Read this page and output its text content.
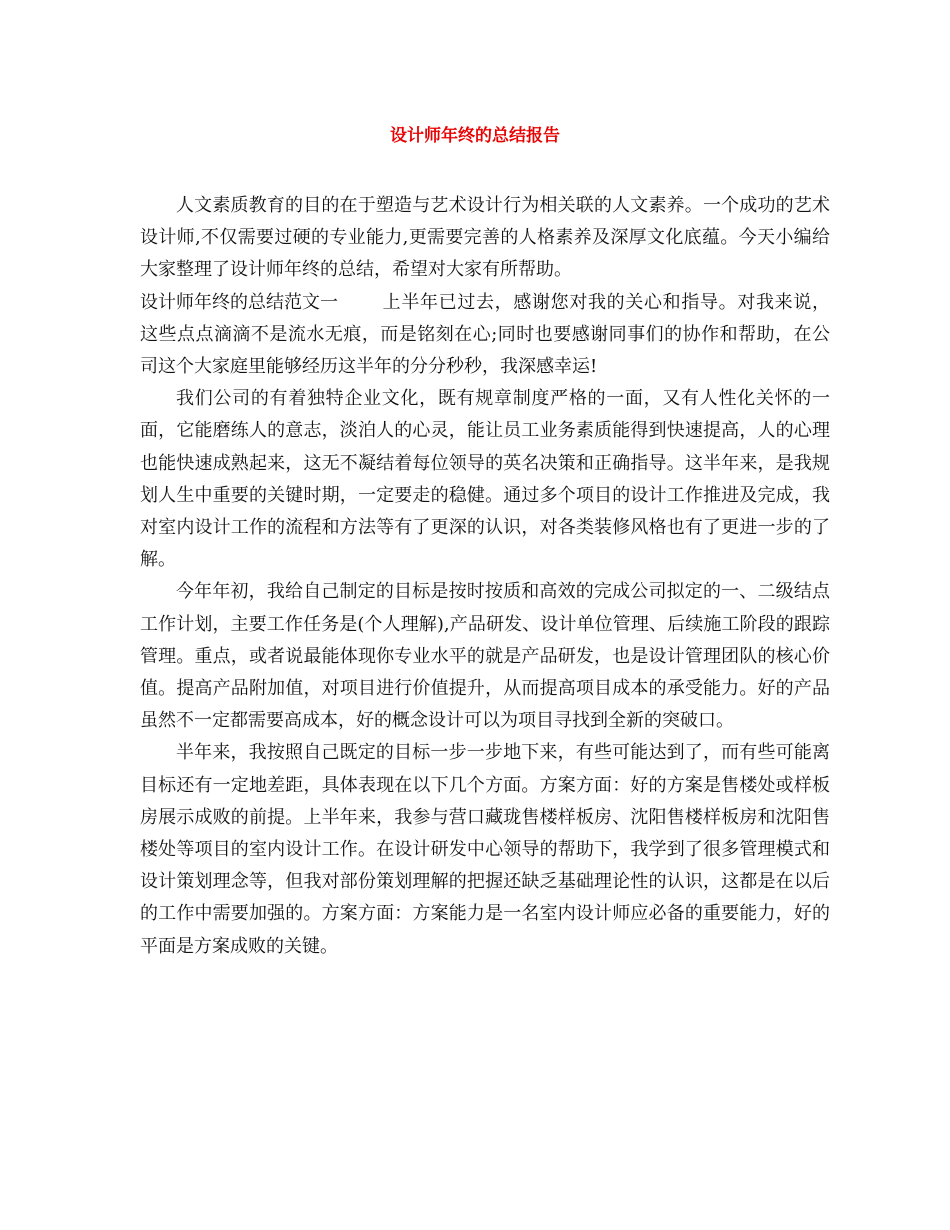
设计师年终的总结报告

人文素质教育的目的在于塑造与艺术设计行为相关联的人文素养。一个成功的艺术设计师,不仅需要过硬的专业能力,更需要完善的人格素养及深厚文化底蕴。今天小编给大家整理了设计师年终的总结，希望对大家有所帮助。

设计师年终的总结范文一 上半年已过去，感谢您对我的关心和指导。对我来说，这些点点滴滴不是流水无痕，而是铭刻在心;同时也要感谢同事们的协作和帮助，在公司这个大家庭里能够经历这半年的分分秒秒，我深感幸运!

我们公司的有着独特企业文化，既有规章制度严格的一面，又有人性化关怀的一面，它能磨练人的意志，淡泊人的心灵，能让员工业务素质能得到快速提高，人的心理也能快速成熟起来，这无不凝结着每位领导的英名决策和正确指导。这半年来，是我规划人生中重要的关键时期，一定要走的稳健。通过多个项目的设计工作推进及完成，我对室内设计工作的流程和方法等有了更深的认识，对各类装修风格也有了更进一步的了解。

今年年初，我给自己制定的目标是按时按质和高效的完成公司拟定的一、二级结点工作计划，主要工作任务是(个人理解),产品研发、设计单位管理、后续施工阶段的跟踪管理。重点，或者说最能体现你专业水平的就是产品研发，也是设计管理团队的核心价值。提高产品附加值，对项目进行价值提升，从而提高项目成本的承受能力。好的产品虽然不一定都需要高成本，好的概念设计可以为项目寻找到全新的突破口。

半年来，我按照自己既定的目标一步一步地下来，有些可能达到了，而有些可能离目标还有一定地差距，具体表现在以下几个方面。方案方面：好的方案是售楼处或样板房展示成败的前提。上半年来，我参与营口藏珑售楼样板房、沈阳售楼样板房和沈阳售楼处等项目的室内设计工作。在设计研发中心领导的帮助下，我学到了很多管理模式和设计策划理念等，但我对部份策划理解的把握还缺乏基础理论性的认识，这都是在以后的工作中需要加强的。方案方面：方案能力是一名室内设计师应必备的重要能力，好的平面是方案成败的关键。
